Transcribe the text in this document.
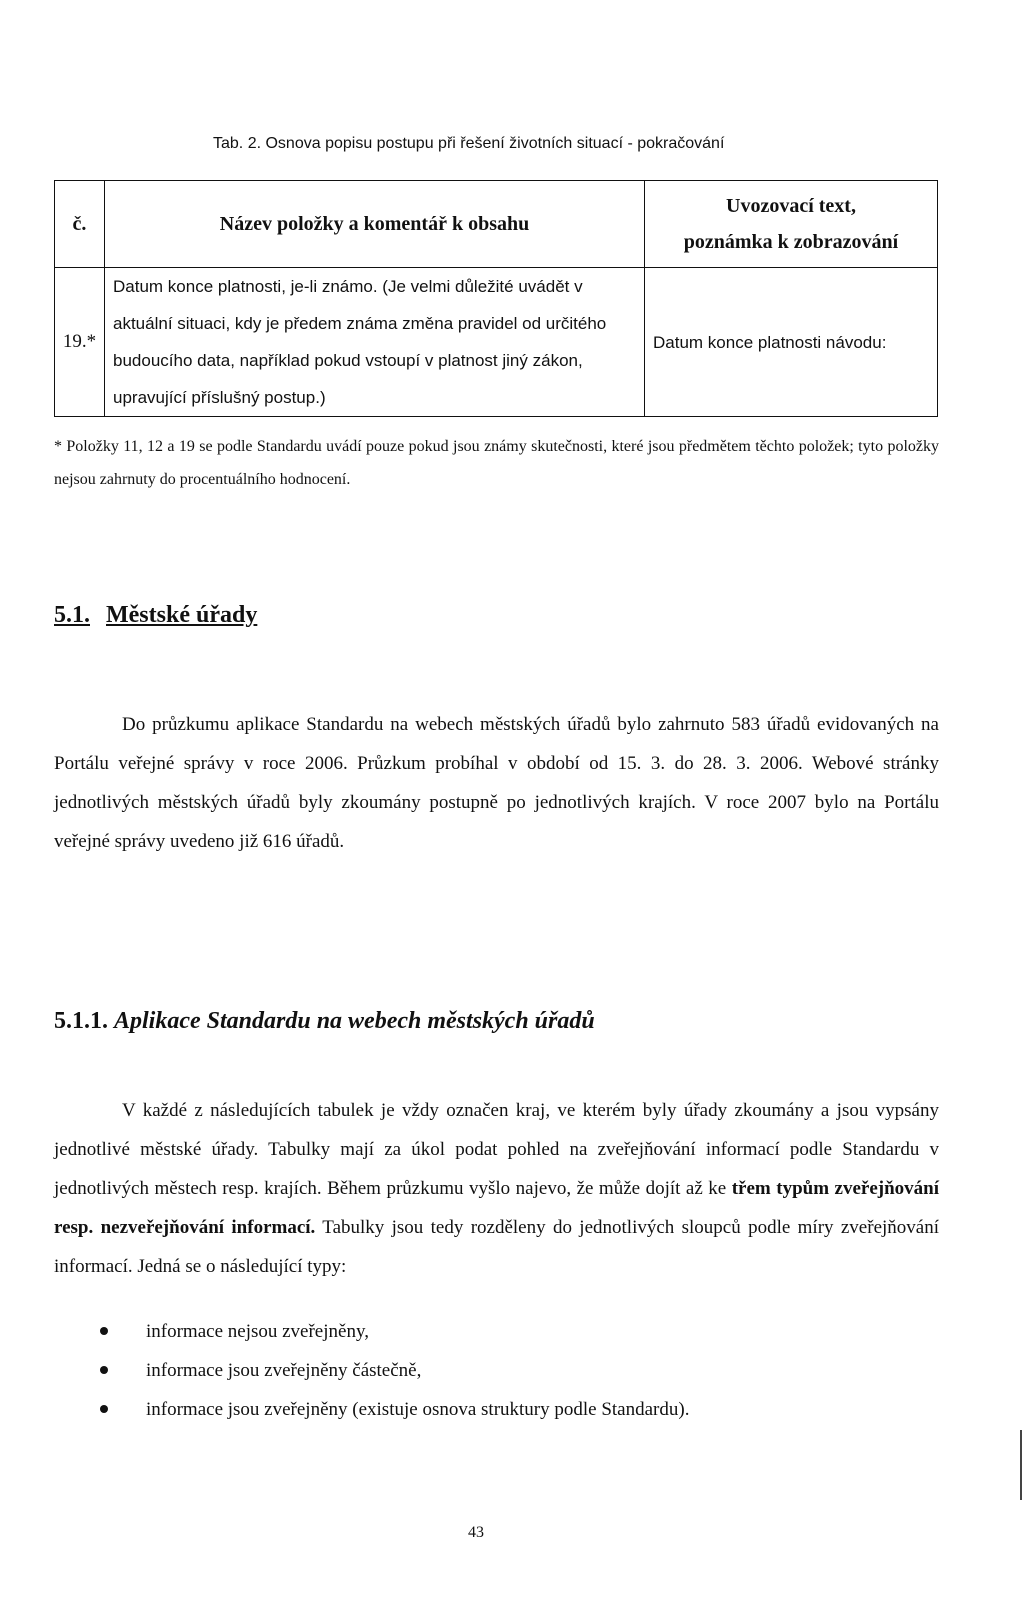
Tab. 2. Osnova popisu postupu při řešení životních situací - pokračování
č.	Název položky a komentář k obsahu	Uvozovací text,
poznámka k zobrazování

19.*	Datum konce platnosti, je-li známo. (Je velmi důležité uvádět v aktuální situaci, kdy je předem známa změna pravidel od určitého budoucího data, například pokud vstoupí v platnost jiný zákon, upravující příslušný postup.)	Datum konce platnosti návodu:
* Položky 11, 12 a 19 se podle Standardu uvádí pouze pokud jsou známy skutečnosti, které jsou předmětem těchto položek; tyto položky nejsou zahrnuty do procentuálního hodnocení.
5.1. Městské úřady
Do průzkumu aplikace Standardu na webech městských úřadů bylo zahrnuto 583 úřadů evidovaných na Portálu veřejné správy v roce 2006. Průzkum probíhal v období od 15. 3. do 28. 3. 2006. Webové stránky jednotlivých městských úřadů byly zkoumány postupně po jednotlivých krajích. V roce 2007 bylo na Portálu veřejné správy uvedeno již 616 úřadů.
5.1.1. Aplikace Standardu na webech městských úřadů
V každé z následujících tabulek je vždy označen kraj, ve kterém byly úřady zkoumány a jsou vypsány jednotlivé městské úřady. Tabulky mají za úkol podat pohled na zveřejňování informací podle Standardu v jednotlivých městech resp. krajích. Během průzkumu vyšlo najevo, že může dojít až ke třem typům zveřejňování resp. nezveřejňování informací. Tabulky jsou tedy rozděleny do jednotlivých sloupců podle míry zveřejňování informací. Jedná se o následující typy:
informace nejsou zveřejněny,
informace jsou zveřejněny částečně,
informace jsou zveřejněny (existuje osnova struktury podle Standardu).
43
